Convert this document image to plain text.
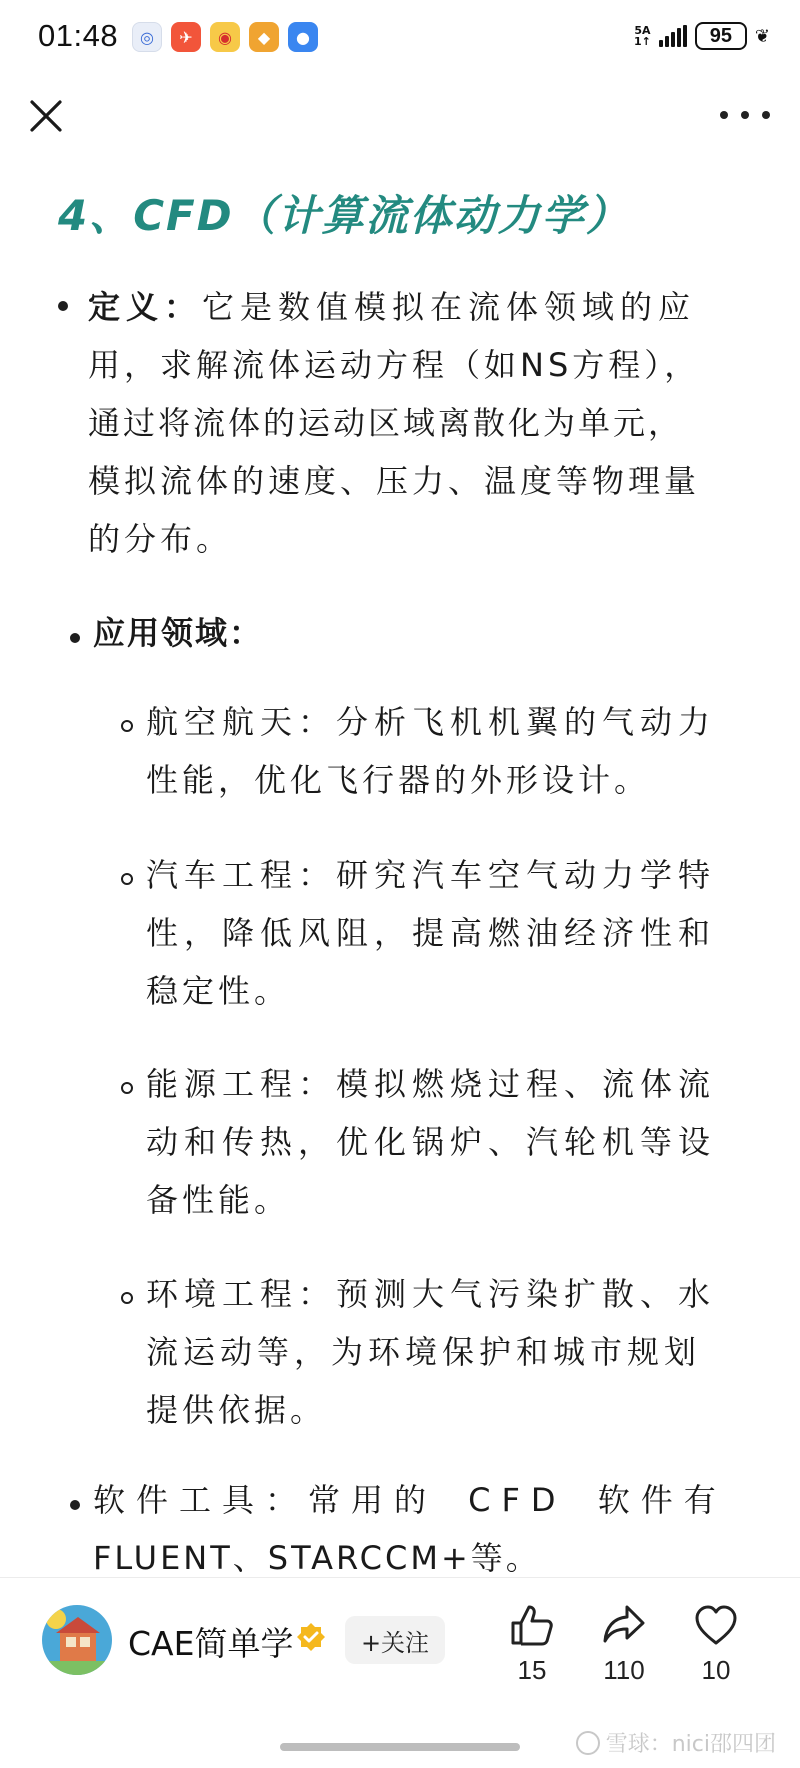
01:48	◎	✈	◉	◆	●	5A
1↑	95	❦
4、CFD（计算流体动力学）
定义：它是数值模拟在流体领域的应
用，求解流体运动方程（如NS方程），
通过将流体的运动区域离散化为单元，
模拟流体的速度、压力、温度等物理量
的分布。
应用领域：
航空航天：分析飞机机翼的气动力
性能，优化飞行器的外形设计。
汽车工程：研究汽车空气动力学特
性，降低风阻，提高燃油经济性和
稳定性。
能源工程：模拟燃烧过程、流体流
动和传热，优化锅炉、汽轮机等设
备性能。
环境工程：预测大气污染扩散、水
流运动等，为环境保护和城市规划
提供依据。
软件工具：常用的 CFD 软件有
FLUENT、STARCCM+等。
CAE简单学	+关注
15	110	10
雪球：nici邵四团
